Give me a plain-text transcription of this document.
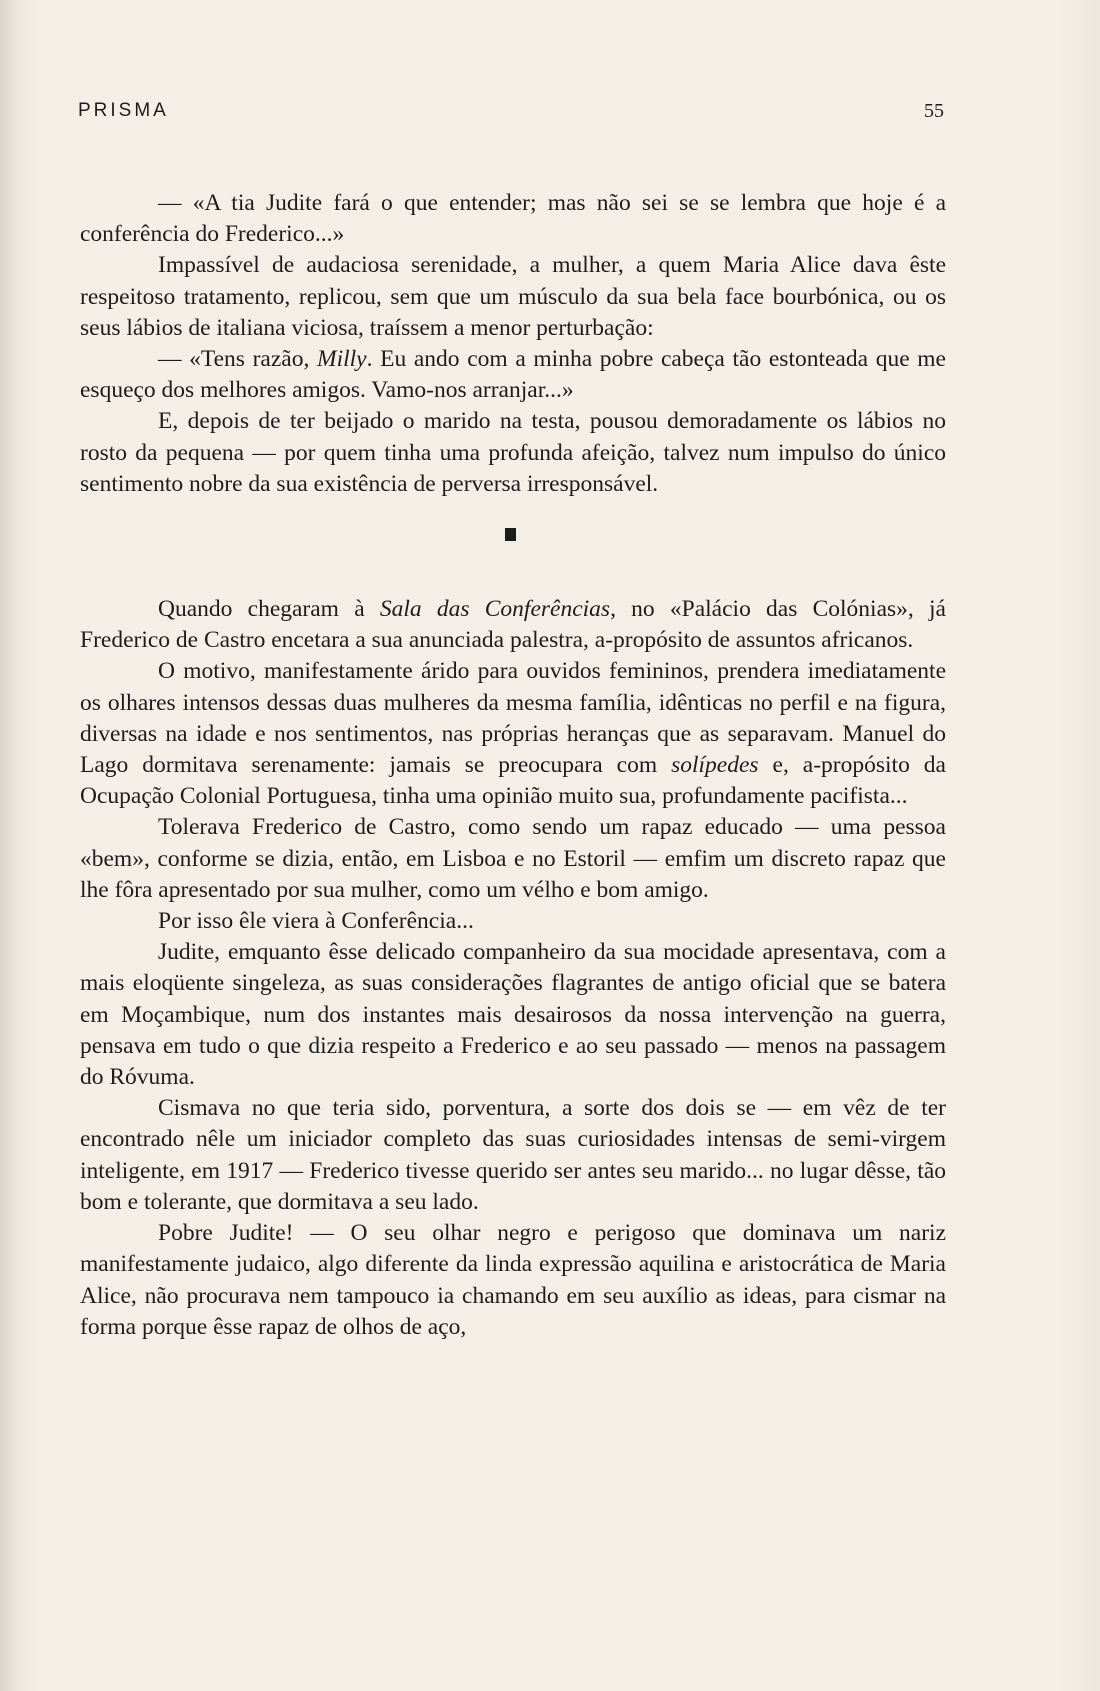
PRISMA	55

— «A tia Judite fará o que entender; mas não sei se se lembra que hoje é a conferência do Frederico...»

Impassível de audaciosa serenidade, a mulher, a quem Maria Alice dava êste respeitoso tratamento, replicou, sem que um músculo da sua bela face bourbónica, ou os seus lábios de italiana viciosa, traíssem a menor perturbação:

— «Tens razão, Milly. Eu ando com a minha pobre cabeça tão estonteada que me esqueço dos melhores amigos. Vamo-nos arranjar...»

E, depois de ter beijado o marido na testa, pousou demoradamente os lábios no rosto da pequena — por quem tinha uma profunda afeição, talvez num impulso do único sentimento nobre da sua existência de perversa irresponsável.

Quando chegaram à Sala das Conferências, no «Palácio das Colónias», já Frederico de Castro encetara a sua anunciada palestra, a-propósito de assuntos africanos.

O motivo, manifestamente árido para ouvidos femininos, prendera imediatamente os olhares intensos dessas duas mulheres da mesma família, idênticas no perfil e na figura, diversas na idade e nos sentimentos, nas próprias heranças que as separavam. Manuel do Lago dormitava serenamente: jamais se preocupara com solípedes e, a-propósito da Ocupação Colonial Portuguesa, tinha uma opinião muito sua, profundamente pacifista...

Tolerava Frederico de Castro, como sendo um rapaz educado — uma pessoa «bem», conforme se dizia, então, em Lisboa e no Estoril — emfim um discreto rapaz que lhe fôra apresentado por sua mulher, como um vélho e bom amigo.

Por isso êle viera à Conferência...

Judite, emquanto êsse delicado companheiro da sua mocidade apresentava, com a mais eloqüente singeleza, as suas considerações flagrantes de antigo oficial que se batera em Moçambique, num dos instantes mais desairosos da nossa intervenção na guerra, pensava em tudo o que dizia respeito a Frederico e ao seu passado — menos na passagem do Róvuma.

Cismava no que teria sido, porventura, a sorte dos dois se — em vêz de ter encontrado nêle um iniciador completo das suas curiosidades intensas de semi-virgem inteligente, em 1917 — Frederico tivesse querido ser antes seu marido... no lugar dêsse, tão bom e tolerante, que dormitava a seu lado.

Pobre Judite! — O seu olhar negro e perigoso que dominava um nariz manifestamente judaico, algo diferente da linda expressão aquilina e aristocrática de Maria Alice, não procurava nem tampouco ia chamando em seu auxílio as ideas, para cismar na forma porque êsse rapaz de olhos de aço,
